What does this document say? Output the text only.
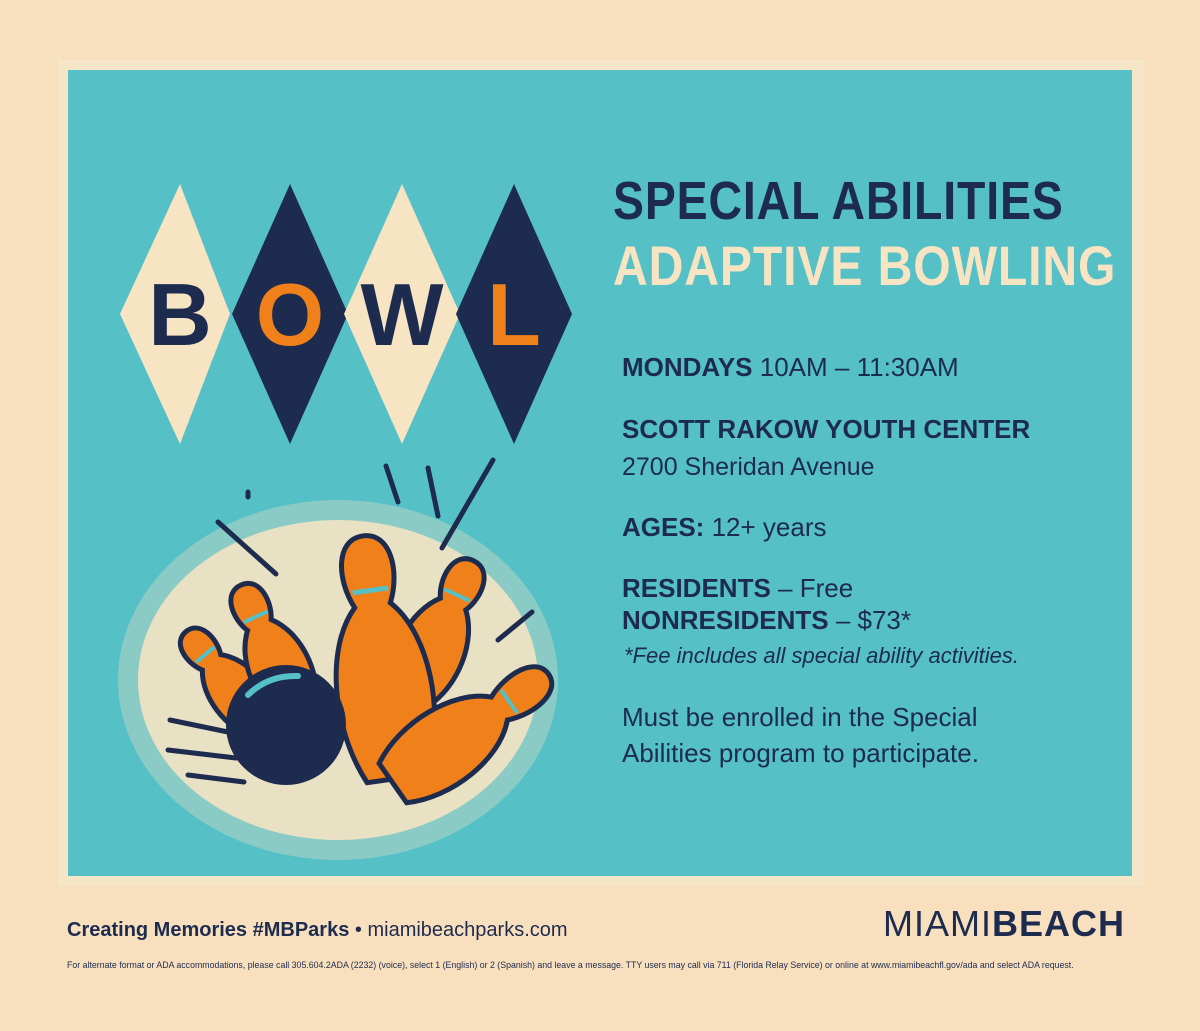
B O W L
SPECIAL ABILITIES
ADAPTIVE BOWLING
MONDAYS 10AM – 11:30AM
SCOTT RAKOW YOUTH CENTER
2700 Sheridan Avenue
AGES: 12+ years
RESIDENTS – Free
NONRESIDENTS – $73*
*Fee includes all special ability activities.
Must be enrolled in the Special
Abilities program to participate.
Creating Memories #MBParks • miamibeachparks.com	MIAMIBEACH
For alternate format or ADA accommodations, please call 305.604.2ADA (2232) (voice), select 1 (English) or 2 (Spanish) and leave a message. TTY users may call via 711 (Florida Relay Service) or online at www.miamibeachfl.gov/ada and select ADA request.
